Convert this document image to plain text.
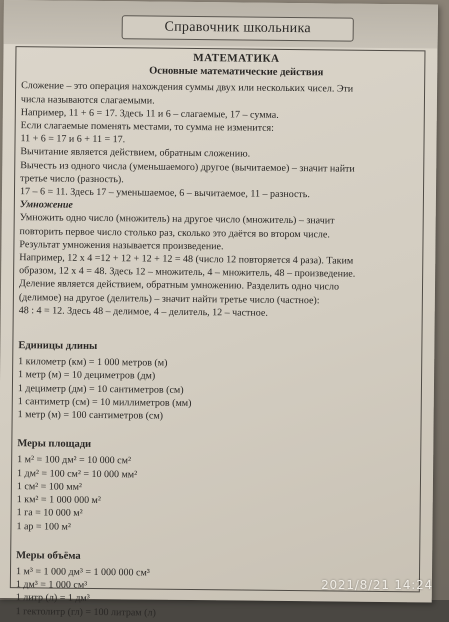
Справочник школьника
МАТЕМАТИКА
Основные математические действия
Сложение – это операция нахождения суммы двух или нескольких чисел. Эти
числа называются слагаемыми.
Например, 11 + 6 = 17. Здесь 11 и 6 – слагаемые, 17 – сумма.
Если слагаемые поменять местами, то сумма не изменится:
11 + 6 = 17 и 6 + 11 = 17.
Вычитание является действием, обратным сложению.
Вычесть из одного числа (уменьшаемого) другое (вычитаемое) – значит найти
третье число (разность).
17 – 6 = 11. Здесь 17 – уменьшаемое, 6 – вычитаемое, 11 – разность.
Умножение
Умножить одно число (множитель) на другое число (множитель) – значит
повторить первое число столько раз, сколько это даётся во втором числе.
Результат умножения называется произведение.
Например, 12 х 4 =12 + 12 + 12 + 12 = 48 (число 12 повторяется 4 раза). Таким
образом, 12 х 4 = 48. Здесь 12 – множитель, 4 – множитель, 48 – произведение.
Деление является действием, обратным умножению. Разделить одно число
(делимое) на другое (делитель) – значит найти третье число (частное):
48 : 4 = 12. Здесь 48 – делимое, 4 – делитель, 12 – частное.
Единицы длины
1 километр (км) = 1 000 метров (м)
1 метр (м) = 10 дециметров (дм)
1 дециметр (дм) = 10 сантиметров (см)
1 сантиметр (см) = 10 миллиметров (мм)
1 метр (м) = 100 сантиметров (см)
Меры площади
1 м² = 100 дм² = 10 000 см²
1 дм² = 100 см² = 10 000 мм²
1 см² = 100 мм²
1 км² = 1 000 000 м²
1 га = 10 000 м²
1 ар = 100 м²
Меры объёма
1 м³ = 1 000 дм³ = 1 000 000 см³
1 дм³ = 1 000 см³
1 литр (л) = 1 дм³
1 гектолитр (гл) = 100 литрам (л)
2021/8/21 14:24
